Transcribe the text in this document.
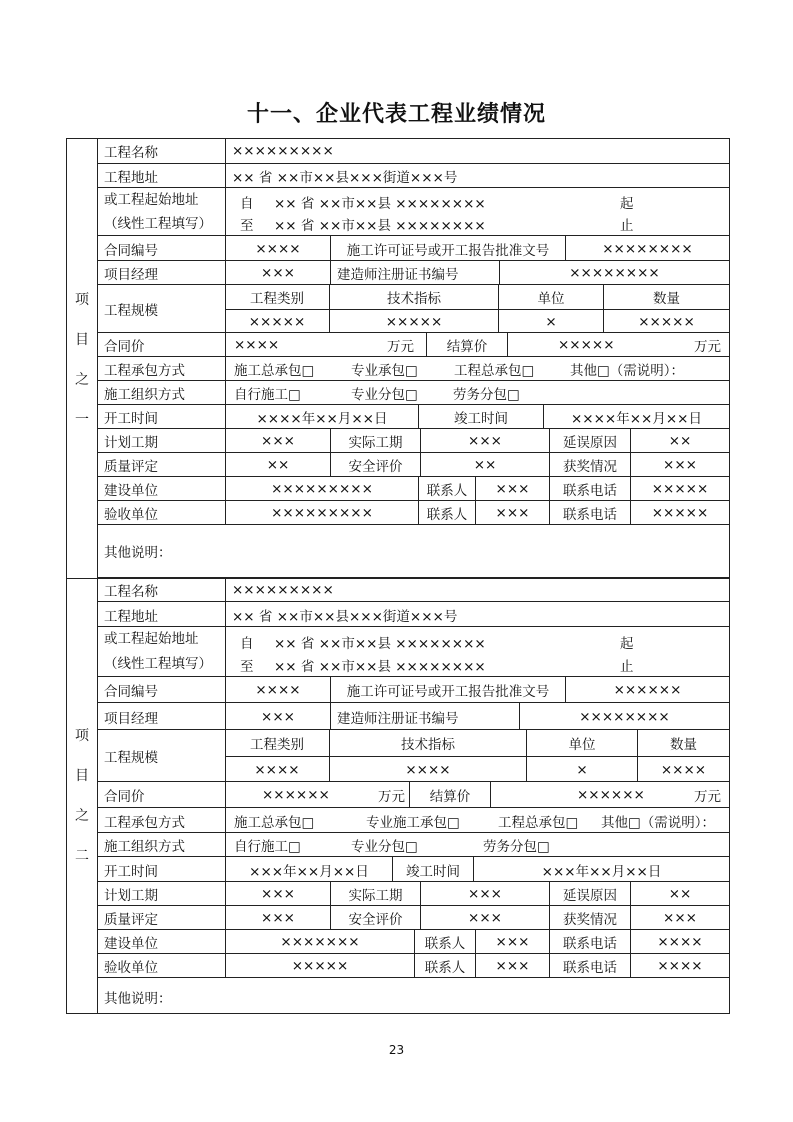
十一、企业代表工程业绩情况
项
目
之
一
工程名称	×××××××××
工程地址	×× 省 ××市××县×××街道×××号
或工程起始地址
（线性工程填写）
自 ×× 省 ××市××县 ××××××××	起
至 ×× 省 ××市××县 ××××××××	止
合同编号	××××	施工许可证号或开工报告批准文号	××××××××
项目经理	×××	建造师注册证书编号	××××××××
工程规模
工程类别	技术指标	单位	数量
×××××	×××××	×	×××××
合同价	××××	万元	结算价	×××××	万元
工程承包方式	施工总承包□	专业承包□	工程总承包□	其他□（需说明）：
施工组织方式	自行施工□	专业分包□	劳务分包□
开工时间	××××年××月××日	竣工时间	××××年××月××日
计划工期	×××	实际工期	×××	延误原因	××
质量评定	××	安全评价	××	获奖情况	×××
建设单位	×××××××××	联系人	×××	联系电话	×××××
验收单位	×××××××××	联系人	×××	联系电话	×××××
其他说明：
项
目
之
二
工程名称	×××××××××
工程地址	×× 省 ××市××县×××街道×××号
或工程起始地址
（线性工程填写）
自 ×× 省 ××市××县 ××××××××	起
至 ×× 省 ××市××县 ××××××××	止
合同编号	××××	施工许可证号或开工报告批准文号	××××××
项目经理	×××	建造师注册证书编号	××××××××
工程规模
工程类别	技术指标	单位	数量
××××	××××	×	××××
合同价	××××××	万元	结算价	××××××	万元
工程承包方式	施工总承包□	专业施工承包□	工程总承包□ 其他□（需说明）：
施工组织方式	自行施工□	专业分包□	劳务分包□
开工时间	×××年××月××日	竣工时间	×××年××月××日
计划工期	×××	实际工期	×××	延误原因	××
质量评定	×××	安全评价	×××	获奖情况	×××
建设单位	×××××××	联系人	×××	联系电话	××××
验收单位	×××××	联系人	×××	联系电话	××××
其他说明：
23
